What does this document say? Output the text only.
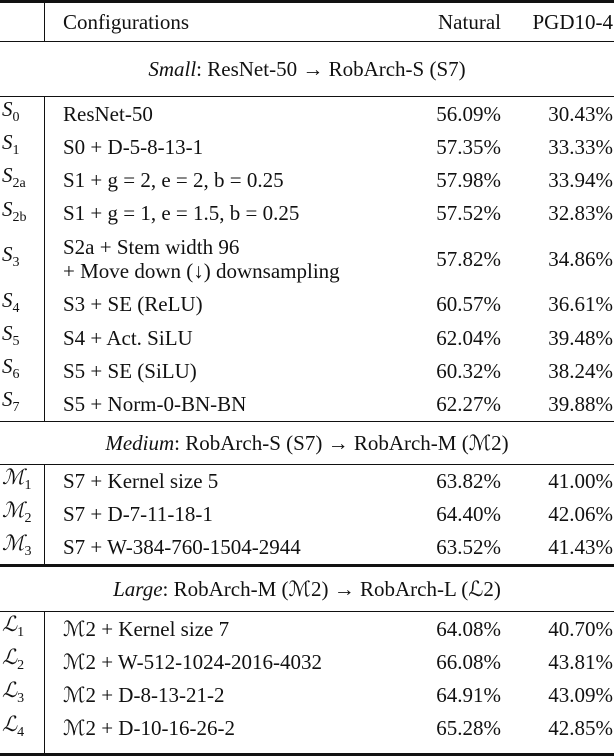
		Configurations	Natural	PGD10-4
Small: ResNet-50 → RobArch-S (S7)				
$S_0$		ResNet-50	56.09%	30.43%
$S_1$		S0 + D-5-8-13-1	57.35%	33.33%
$S_{2a}$		S1 + g = 2, e = 2, b = 0.25	57.98%	33.94%
$S_{2b}$		S1 + g = 1, e = 1.5, b = 0.25	57.52%	32.83%
$S_3$		S2a + Stem width 96
+ Move down (↓) downsampling	57.82%	34.86%
$S_4$		S3 + SE (ReLU)	60.57%	36.61%
$S_5$		S4 + Act. SiLU	62.04%	39.48%
$S_6$		S5 + SE (SiLU)	60.32%	38.24%
$S_7$		S5 + Norm-0-BN-BN	62.27%	39.88%
Medium: RobArch-S (S7) → RobArch-M (ℳ2)				
ℳ$_1$		S7 + Kernel size 5	63.82%	41.00%
ℳ$_2$		S7 + D-7-11-18-1	64.40%	42.06%
ℳ$_3$		S7 + W-384-760-1504-2944	63.52%	41.43%
Large: RobArch-M (ℳ2) → RobArch-L (ℒ2)				
ℒ$_1$		ℳ2 + Kernel size 7	64.08%	40.70%
ℒ$_2$		ℳ2 + W-512-1024-2016-4032	66.08%	43.81%
ℒ$_3$		ℳ2 + D-8-13-21-2	64.91%	43.09%
ℒ$_4$		ℳ2 + D-10-16-26-2	65.28%	42.85%
